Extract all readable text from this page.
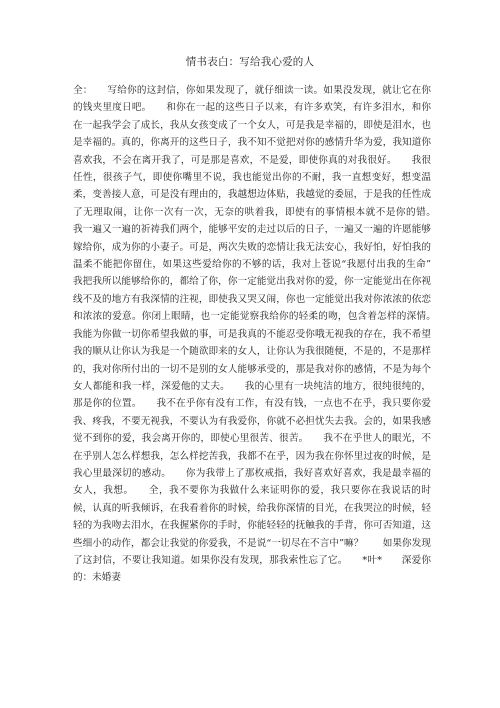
情书表白：写给我心爱的人

全：　　写给你的这封信，你如果发现了，就仔细读一读。如果没发现，就让它在你的钱夹里度日吧。　　和你在一起的这些日子以来，有许多欢笑，有许多泪水，和你在一起我学会了成长，我从女孩变成了一个女人，可是我是幸福的，即使是泪水，也是幸福的。真的，你离开的这些日子，我不知不觉把对你的感情升华为爱，我知道你喜欢我，不会在离开我了，可是那是喜欢，不是爱，即使你真的对我很好。　　我很任性，很孩子气，即使你嘴里不说，我也能觉出你的不耐，我一直想变好，想变温柔，变善接人意，可是没有理由的，我越想边体贴，我越觉的委屈，于是我的任性成了无理取闹，让你一次有一次，无奈的哄着我，即使有的事情根本就不是你的错。　　我一遍又一遍的祈祷我们两个，能够平安的走过以后的日子，一遍又一遍的许愿能够嫁给你，成为你的小妻子。可是，两次失败的恋情让我无法安心，我好怕，好怕我的温柔不能把你留住，如果这些爱给你的不够的话，我对上苍说“我愿付出我的生命”　　我把我所以能够给你的，都给了你，你一定能觉出我对你的爱，你一定能觉出在你视线不及的地方有我深情的注视，即使我又哭又闹，你也一定能觉出我对你浓浓的依恋和浓浓的爱意。你闭上眼睛，也一定能觉察我给你的轻柔的吻，包含着怎样的深情。　　我能为你做一切你希望我做的事，可是我真的不能忍受你哦无视我的存在，我不希望我的顺从让你认为我是一个随欲即来的女人，让你认为我很随便，不是的，不是那样的，我对你所付出的一切不是别的女人能够承受的，那是我对你的感情，不是为每个女人都能和我一样，深爱他的丈夫。　　我的心里有一块纯洁的地方，很纯很纯的，那是你的位置。　　我不在乎你有没有工作，有没有钱，一点也不在乎，我只要你爱我、疼我，不要无视我，不要认为有我爱你，你就不必担忧失去我。会的，如果我感觉不到你的爱，我会离开你的，即使心里很苦、很苦。　　我不在乎世人的眼光，不在乎别人怎么样想我，怎么样挖苦我，我都不在乎，因为我在你怀里过夜的时候，是我心里最深切的感动。　　你为我带上了那枚戒指，我好喜欢好喜欢，我是最幸福的女人，我想。　　全，我不要你为我做什么来证明你的爱，我只要你在我说话的时候，认真的听我倾诉，在我看着你的时候，给我你深情的目光，在我哭泣的时候，轻轻的为我吻去泪水，在我握紧你的手时，你能轻轻的抚触我的手背，你可否知道，这些细小的动作，都会让我觉的你爱我，不是说“一切尽在不言中”嘛？　　如果你发现了这封信，不要让我知道。如果你没有发现，那我索性忘了它。　　*叶*　　深爱你的：未婚妻
